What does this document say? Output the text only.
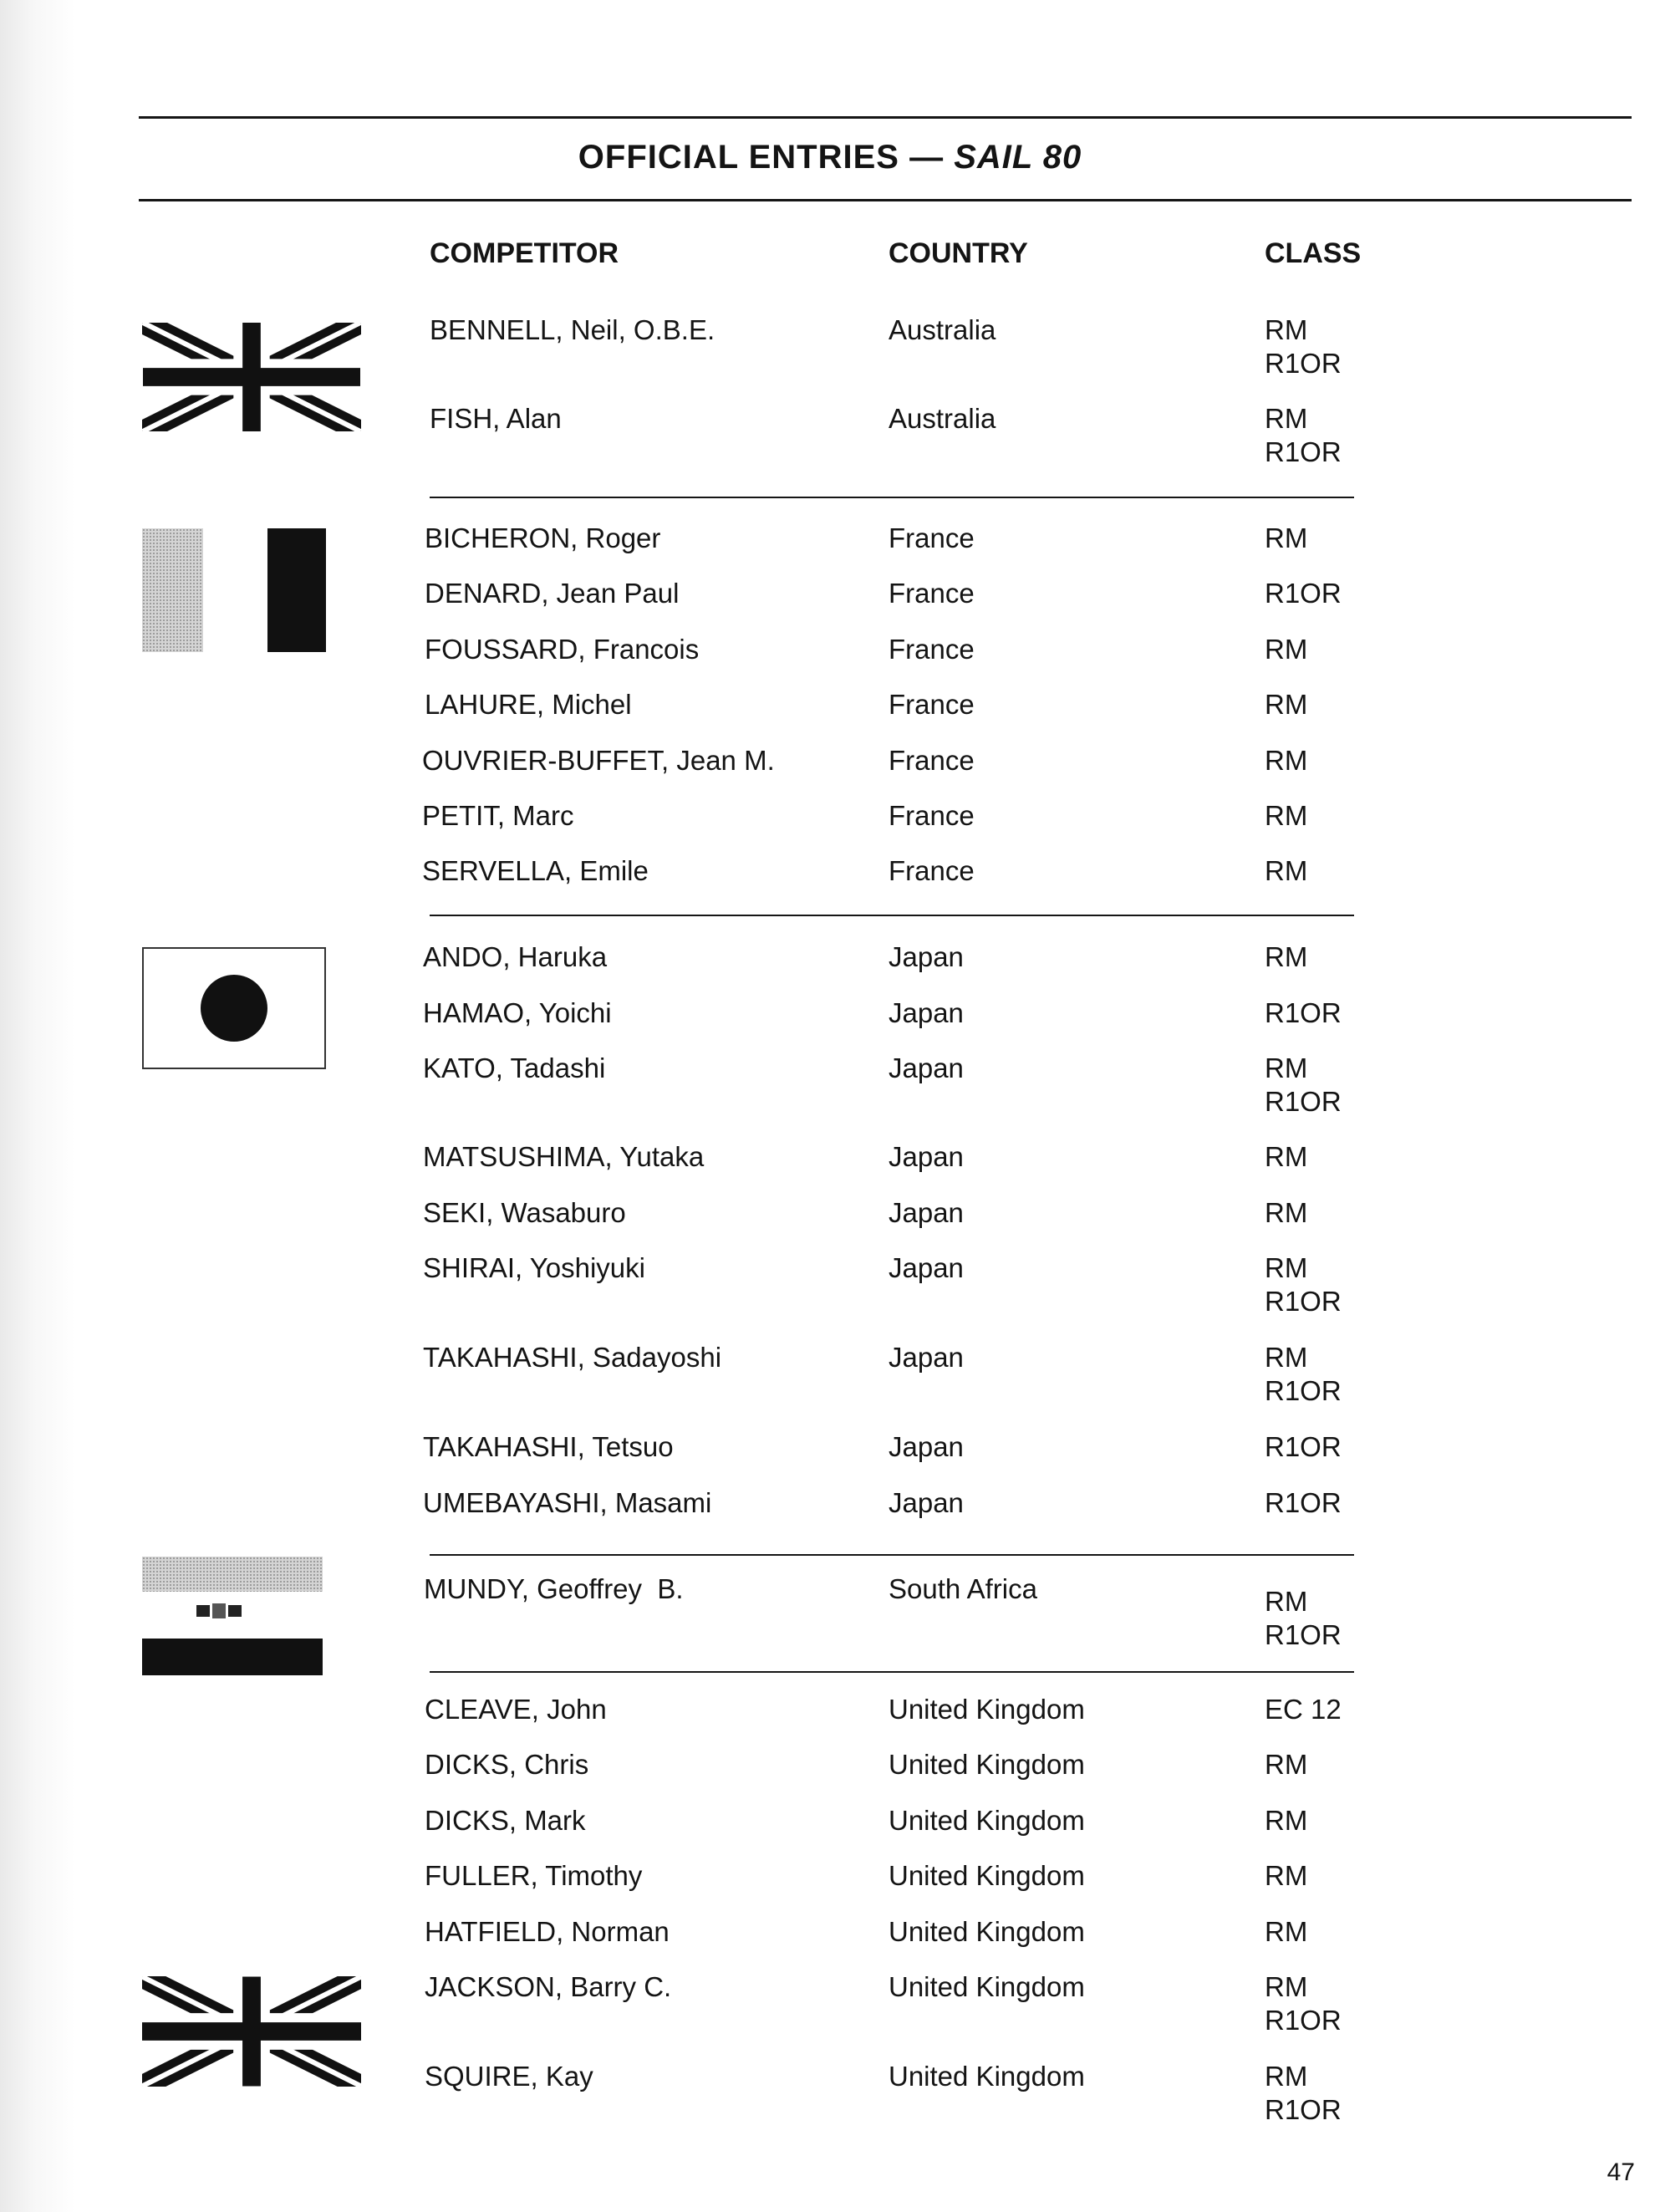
OFFICIAL ENTRIES — SAIL 80
COMPETITOR	COUNTRY	CLASS
BENNELL, Neil, O.B.E.	Australia	RM
R1OR
FISH, Alan	Australia	RM
R1OR
BICHERON, Roger	France	RM
DENARD, Jean Paul	France	R1OR
FOUSSARD, Francois	France	RM
LAHURE, Michel	France	RM
OUVRIER-BUFFET, Jean M.	France	RM
PETIT, Marc	France	RM
SERVELLA, Emile	France	RM
ANDO, Haruka	Japan	RM
HAMAO, Yoichi	Japan	R1OR
KATO, Tadashi	Japan	RM
R1OR
MATSUSHIMA, Yutaka	Japan	RM
SEKI, Wasaburo	Japan	RM
SHIRAI, Yoshiyuki	Japan	RM
R1OR
TAKAHASHI, Sadayoshi	Japan	RM
R1OR
TAKAHASHI, Tetsuo	Japan	R1OR
UMEBAYASHI, Masami	Japan	R1OR
MUNDY, Geoffrey  B.	South Africa	RM
R1OR
CLEAVE, John	United Kingdom	EC 12
DICKS, Chris	United Kingdom	RM
DICKS, Mark	United Kingdom	RM
FULLER, Timothy	United Kingdom	RM
HATFIELD, Norman	United Kingdom	RM
JACKSON, Barry C.	United Kingdom	RM
R1OR
SQUIRE, Kay	United Kingdom	RM
R1OR
47
